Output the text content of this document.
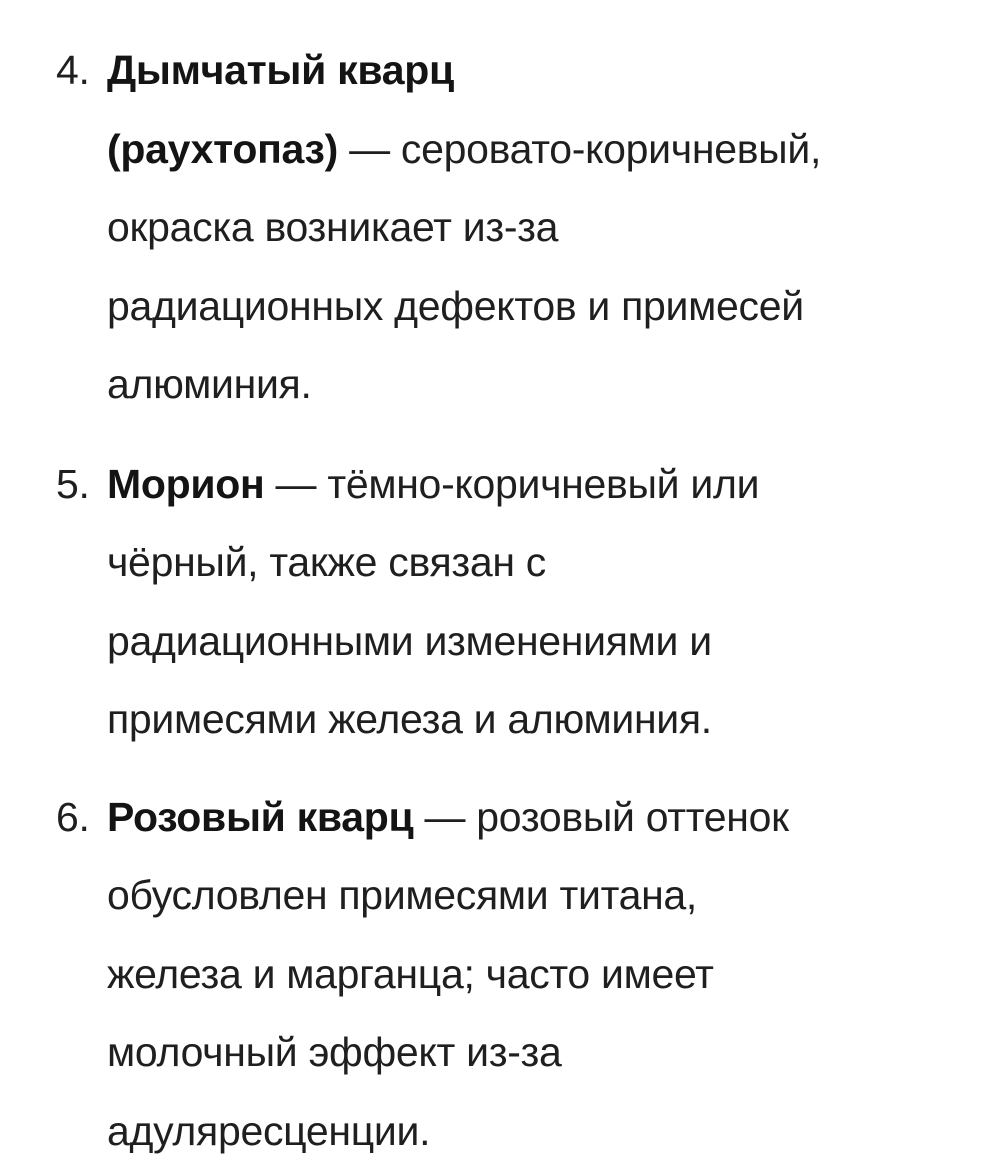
4. Дымчатый кварц
(раухтопаз) — серовато-коричневый,
окраска возникает из-за
радиационных дефектов и примесей
алюминия.
5. Морион — тёмно-коричневый или
чёрный, также связан с
радиационными изменениями и
примесями железа и алюминия.
6. Розовый кварц — розовый оттенок
обусловлен примесями титана,
железа и марганца; часто имеет
молочный эффект из-за
адуляресценции.
